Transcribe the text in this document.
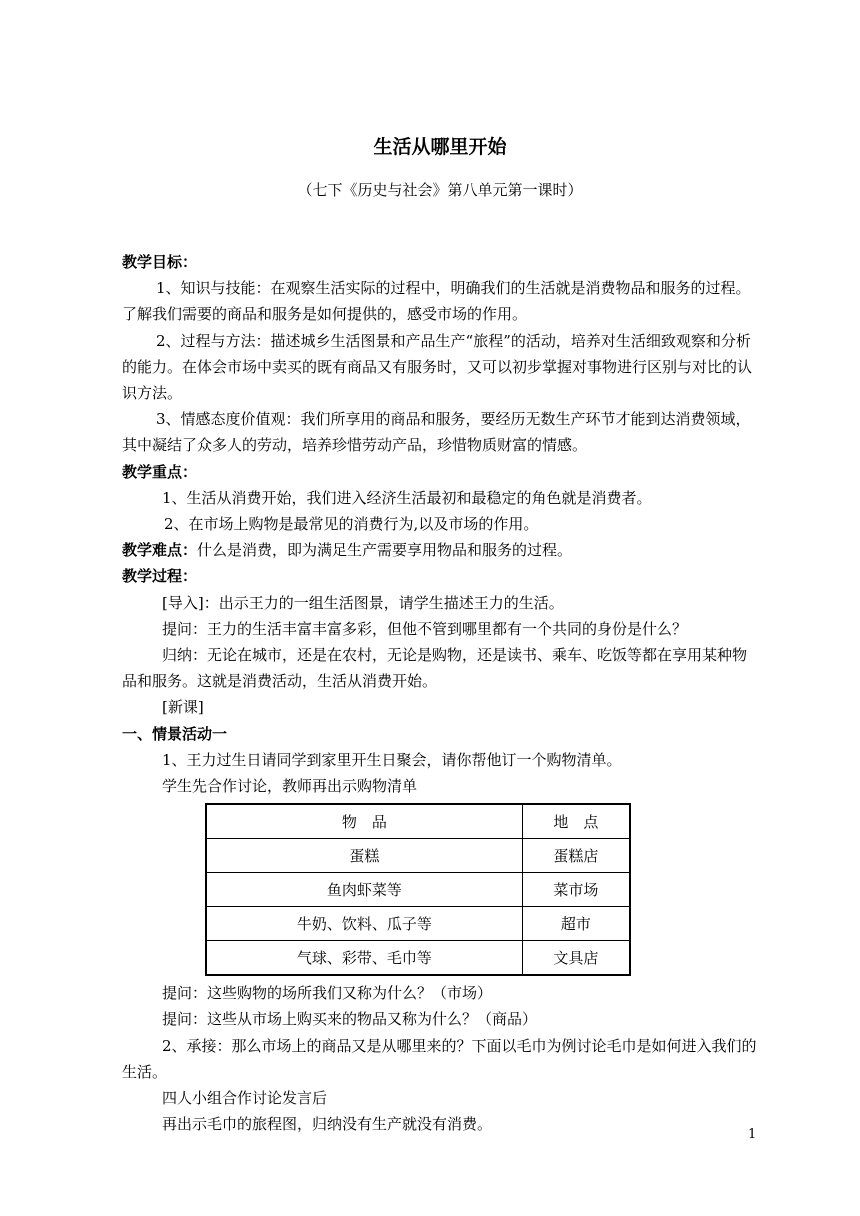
生活从哪里开始

（七下《历史与社会》第八单元第一课时）

教学目标：

1、知识与技能：在观察生活实际的过程中，明确我们的生活就是消费物品和服务的过程。了解我们需要的商品和服务是如何提供的，感受市场的作用。

2、过程与方法：描述城乡生活图景和产品生产“旅程”的活动，培养对生活细致观察和分析的能力。在体会市场中卖买的既有商品又有服务时，又可以初步掌握对事物进行区别与对比的认识方法。

3、情感态度价值观：我们所享用的商品和服务，要经历无数生产环节才能到达消费领域，其中凝结了众多人的劳动，培养珍惜劳动产品，珍惜物质财富的情感。

教学重点：

1、生活从消费开始，我们进入经济生活最初和最稳定的角色就是消费者。

2、在市场上购物是最常见的消费行为,以及市场的作用。

教学难点：什么是消费，即为满足生产需要享用物品和服务的过程。

教学过程：

[导入]：出示王力的一组生活图景，请学生描述王力的生活。

提问：王力的生活丰富丰富多彩，但他不管到哪里都有一个共同的身份是什么？

归纳：无论在城市，还是在农村，无论是购物，还是读书、乘车、吃饭等都在享用某种物品和服务。这就是消费活动，生活从消费开始。

[新课]

一、情景活动一

1、王力过生日请同学到家里开生日聚会，请你帮他订一个购物清单。

学生先合作讨论，教师再出示购物清单

物　品	地　点
蛋糕	蛋糕店
鱼肉虾菜等	菜市场
牛奶、饮料、瓜子等	超市
气球、彩带、毛巾等	文具店

提问：这些购物的场所我们又称为什么？（市场）

提问：这些从市场上购买来的物品又称为什么？（商品）

2、承接：那么市场上的商品又是从哪里来的？下面以毛巾为例讨论毛巾是如何进入我们的生活。

四人小组合作讨论发言后

再出示毛巾的旅程图，归纳没有生产就没有消费。

1
